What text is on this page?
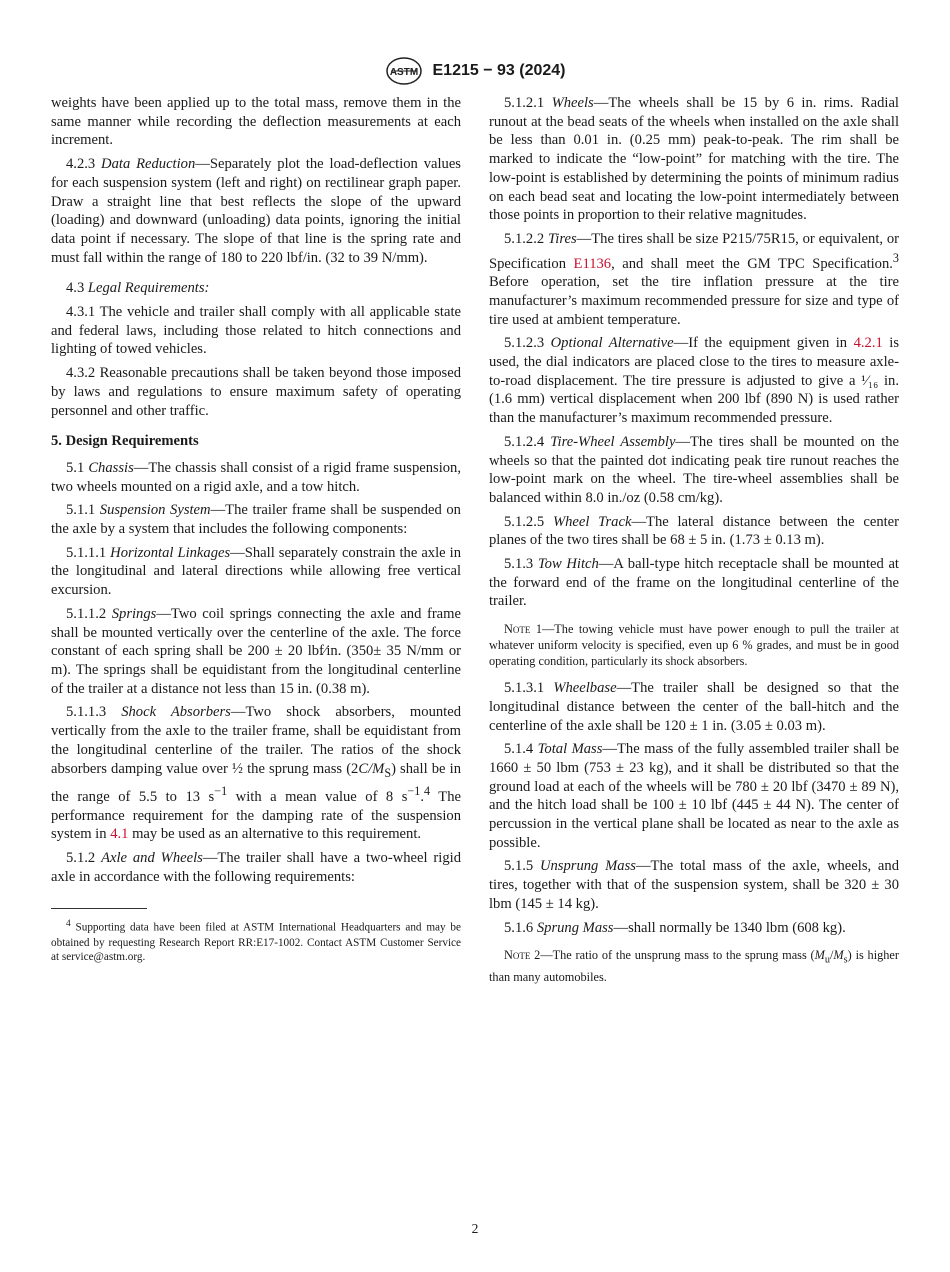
ASTM E1215 − 93 (2024)

weights have been applied up to the total mass, remove them in the same manner while recording the deflection measurements at each increment.

4.2.3 Data Reduction—Separately plot the load-deflection values for each suspension system (left and right) on rectilinear graph paper. Draw a straight line that best reflects the slope of the upward (loading) and downward (unloading) data points, ignoring the initial data point if necessary. The slope of that line is the spring rate and must fall within the range of 180 to 220 lbf/in. (32 to 39 N/mm).

4.3 Legal Requirements:

4.3.1 The vehicle and trailer shall comply with all applicable state and federal laws, including those related to hitch connections and lighting of towed vehicles.

4.3.2 Reasonable precautions shall be taken beyond those imposed by laws and regulations to ensure maximum safety of operating personnel and other traffic.

5. Design Requirements

5.1 Chassis—The chassis shall consist of a rigid frame suspension, two wheels mounted on a rigid axle, and a tow hitch.

5.1.1 Suspension System—The trailer frame shall be suspended on the axle by a system that includes the following components:

5.1.1.1 Horizontal Linkages—Shall separately constrain the axle in the longitudinal and lateral directions while allowing free vertical excursion.

5.1.1.2 Springs—Two coil springs connecting the axle and frame shall be mounted vertically over the centerline of the axle. The force constant of each spring shall be 200 ± 20 lbf⁄in. (350± 35 N/mm or m). The springs shall be equidistant from the longitudinal centerline of the trailer at a distance not less than 15 in. (0.38 m).

5.1.1.3 Shock Absorbers—Two shock absorbers, mounted vertically from the axle to the trailer frame, shall be equidistant from the longitudinal centerline of the trailer. The ratios of the shock absorbers damping value over ½ the sprung mass $(2C/M_S)$ shall be in the range of 5.5 to 13 $s^{-1}$ with a mean value of 8 $s^{-1}.^4$ The performance requirement for the damping rate of the suspension system in 4.1 may be used as an alternative to this requirement.

5.1.2 Axle and Wheels—The trailer shall have a two-wheel rigid axle in accordance with the following requirements:

$^4$ Supporting data have been filed at ASTM International Headquarters and may be obtained by requesting Research Report RR:E17-1002. Contact ASTM Customer Service at service@astm.org.

5.1.2.1 Wheels—The wheels shall be 15 by 6 in. rims. Radial runout at the bead seats of the wheels when installed on the axle shall be less than 0.01 in. (0.25 mm) peak-to-peak. The rim shall be marked to indicate the “low-point” for matching with the tire. The low-point is established by determining the points of minimum radius on each bead seat and locating the low-point intermediately between those points in proportion to their relative magnitudes.

5.1.2.2 Tires—The tires shall be size P215/75R15, or equivalent, or Specification E1136, and shall meet the GM TPC Specification.$^3$ Before operation, set the tire inflation pressure at the tire manufacturer’s maximum recommended pressure for size and type of tire used at ambient temperature.

5.1.2.3 Optional Alternative—If the equipment given in 4.2.1 is used, the dial indicators are placed close to the tires to measure axle-to-road displacement. The tire pressure is adjusted to give a ¹⁄₁₆ in. (1.6 mm) vertical displacement when 200 lbf (890 N) is used rather than the manufacturer’s maximum recommended pressure.

5.1.2.4 Tire-Wheel Assembly—The tires shall be mounted on the wheels so that the painted dot indicating peak tire runout reaches the low-point mark on the wheel. The tire-wheel assemblies shall be balanced within 8.0 in./oz (0.58 cm/kg).

5.1.2.5 Wheel Track—The lateral distance between the center planes of the two tires shall be 68 ± 5 in. (1.73 ± 0.13 m).

5.1.3 Tow Hitch—A ball-type hitch receptacle shall be mounted at the forward end of the frame on the longitudinal centerline of the trailer.

Note 1—The towing vehicle must have power enough to pull the trailer at whatever uniform velocity is specified, even up 6 % grades, and must be in good operating condition, particularly its shock absorbers.

5.1.3.1 Wheelbase—The trailer shall be designed so that the longitudinal distance between the center of the ball-hitch and the centerline of the axle shall be 120 ± 1 in. (3.05 ± 0.03 m).

5.1.4 Total Mass—The mass of the fully assembled trailer shall be 1660 ± 50 lbm (753 ± 23 kg), and it shall be distributed so that the ground load at each of the wheels will be 780 ± 20 lbf (3470 ± 89 N), and the hitch load shall be 100 ± 10 lbf (445 ± 44 N). The center of percussion in the vertical plane shall be located as near to the axle as possible.

5.1.5 Unsprung Mass—The total mass of the axle, wheels, and tires, together with that of the suspension system, shall be 320 ± 30 lbm (145 ± 14 kg).

5.1.6 Sprung Mass—shall normally be 1340 lbm (608 kg).

Note 2—The ratio of the unsprung mass to the sprung mass $(M_u/M_s)$ is higher than many automobiles.

2
